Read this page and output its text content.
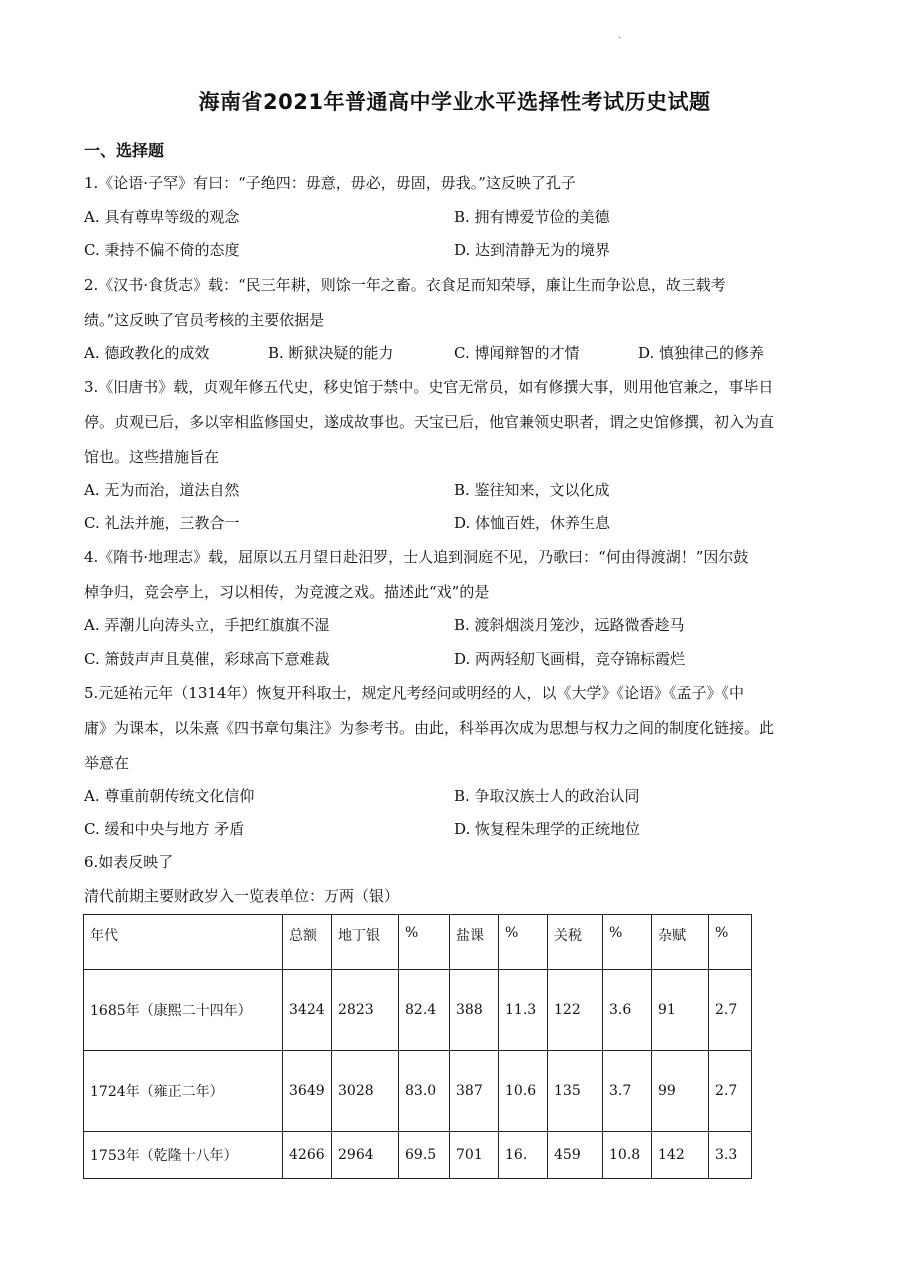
.
海南省2021年普通高中学业水平选择性考试历史试题
一、选择题
1.《论语·子罕》有曰：“子绝四：毋意，毋必，毋固，毋我。”这反映了孔子
A. 具有尊卑等级的观念	B. 拥有博爱节俭的美德
C. 秉持不偏不倚的态度	D. 达到清静无为的境界
2.《汉书·食货志》载：“民三年耕，则馀一年之畜。衣食足而知荣辱，廉让生而争讼息，故三载考
绩。”这反映了官员考核的主要依据是
A. 德政教化的成效	B. 断狱决疑的能力	C. 博闻辩智的才情	D. 慎独律己的修养
3.《旧唐书》载，贞观年修五代史，移史馆于禁中。史官无常员，如有修撰大事，则用他官兼之，事毕日
停。贞观已后，多以宰相监修国史，遂成故事也。天宝已后，他官兼领史职者，谓之史馆修撰，初入为直
馆也。这些措施旨在
A. 无为而治，道法自然	B. 鉴往知来，文以化成
C. 礼法并施，三教合一	D. 体恤百姓，休养生息
4.《隋书·地理志》载，屈原以五月望日赴汨罗，士人追到洞庭不见，乃歌曰：“何由得渡湖！”因尔鼓
棹争归，竞会亭上，习以相传，为竞渡之戏。描述此“戏”的是
A. 弄潮儿向涛头立，手把红旗旗不湿	B. 渡斜烟淡月笼沙，远路微香趁马
C. 箫鼓声声且莫催，彩球高下意难裁	D. 两两轻舠飞画楫，竞夺锦标霞烂
5.元延祐元年（1314年）恢复开科取士，规定凡考经问或明经的人，以《大学》《论语》《孟子》《中
庸》为课本，以朱熹《四书章句集注》为参考书。由此，科举再次成为思想与权力之间的制度化链接。此
举意在
A. 尊重前朝传统文化信仰	B. 争取汉族士人的政治认同
C. 缓和中央与地方 矛盾	D. 恢复程朱理学的正统地位
6.如表反映了
清代前期主要财政岁入一览表单位：万两（银）
年代	总额	地丁银	%	盐课	%	关税	%	杂赋	%
1685年（康熙二十四年）	3424	2823	82.4	388	11.3	122	3.6	91	2.7
1724年（雍正二年）	3649	3028	83.0	387	10.6	135	3.7	99	2.7
1753年（乾隆十八年）	4266	2964	69.5	701	16.	459	10.8	142	3.3
